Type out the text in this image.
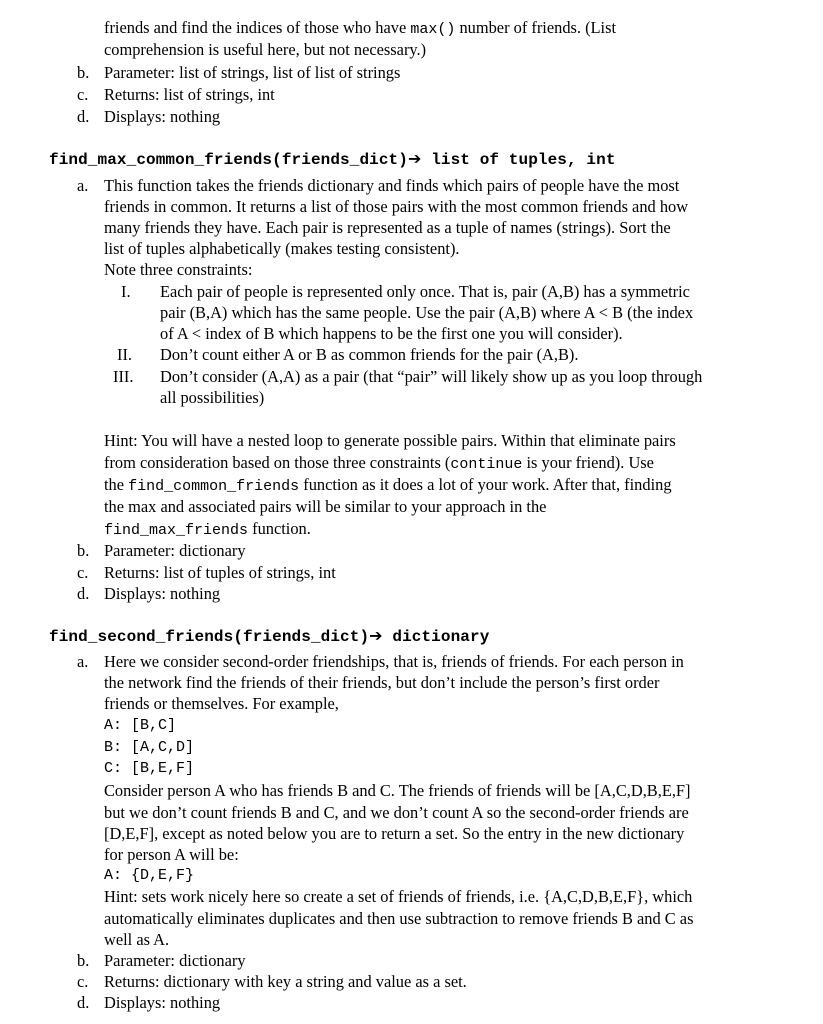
friends and find the indices of those who have max() number of friends. (List
comprehension is useful here, but not necessary.)
b. Parameter: list of strings, list of list of strings
c. Returns: list of strings, int
d. Displays: nothing
find_max_common_friends(friends_dict)➔ list of tuples, int
a. This function takes the friends dictionary and finds which pairs of people have the most
friends in common. It returns a list of those pairs with the most common friends and how
many friends they have. Each pair is represented as a tuple of names (strings). Sort the
list of tuples alphabetically (makes testing consistent).
Note three constraints:
I. Each pair of people is represented only once. That is, pair (A,B) has a symmetric
pair (B,A) which has the same people. Use the pair (A,B) where A < B (the index
of A < index of B which happens to be the first one you will consider).
II. Don’t count either A or B as common friends for the pair (A,B).
III. Don’t consider (A,A) as a pair (that “pair” will likely show up as you loop through
all possibilities)
Hint: You will have a nested loop to generate possible pairs. Within that eliminate pairs
from consideration based on those three constraints (continue is your friend). Use
the find_common_friends function as it does a lot of your work. After that, finding
the max and associated pairs will be similar to your approach in the
find_max_friends function.
b. Parameter: dictionary
c. Returns: list of tuples of strings, int
d. Displays: nothing
find_second_friends(friends_dict)➔ dictionary
a. Here we consider second-order friendships, that is, friends of friends. For each person in
the network find the friends of their friends, but don’t include the person’s first order
friends or themselves. For example,
A: [B,C]
B: [A,C,D]
C: [B,E,F]
Consider person A who has friends B and C. The friends of friends will be [A,C,D,B,E,F]
but we don’t count friends B and C, and we don’t count A so the second-order friends are
[D,E,F], except as noted below you are to return a set. So the entry in the new dictionary
for person A will be:
A: {D,E,F}
Hint: sets work nicely here so create a set of friends of friends, i.e. {A,C,D,B,E,F}, which
automatically eliminates duplicates and then use subtraction to remove friends B and C as
well as A.
b. Parameter: dictionary
c. Returns: dictionary with key a string and value as a set.
d. Displays: nothing
